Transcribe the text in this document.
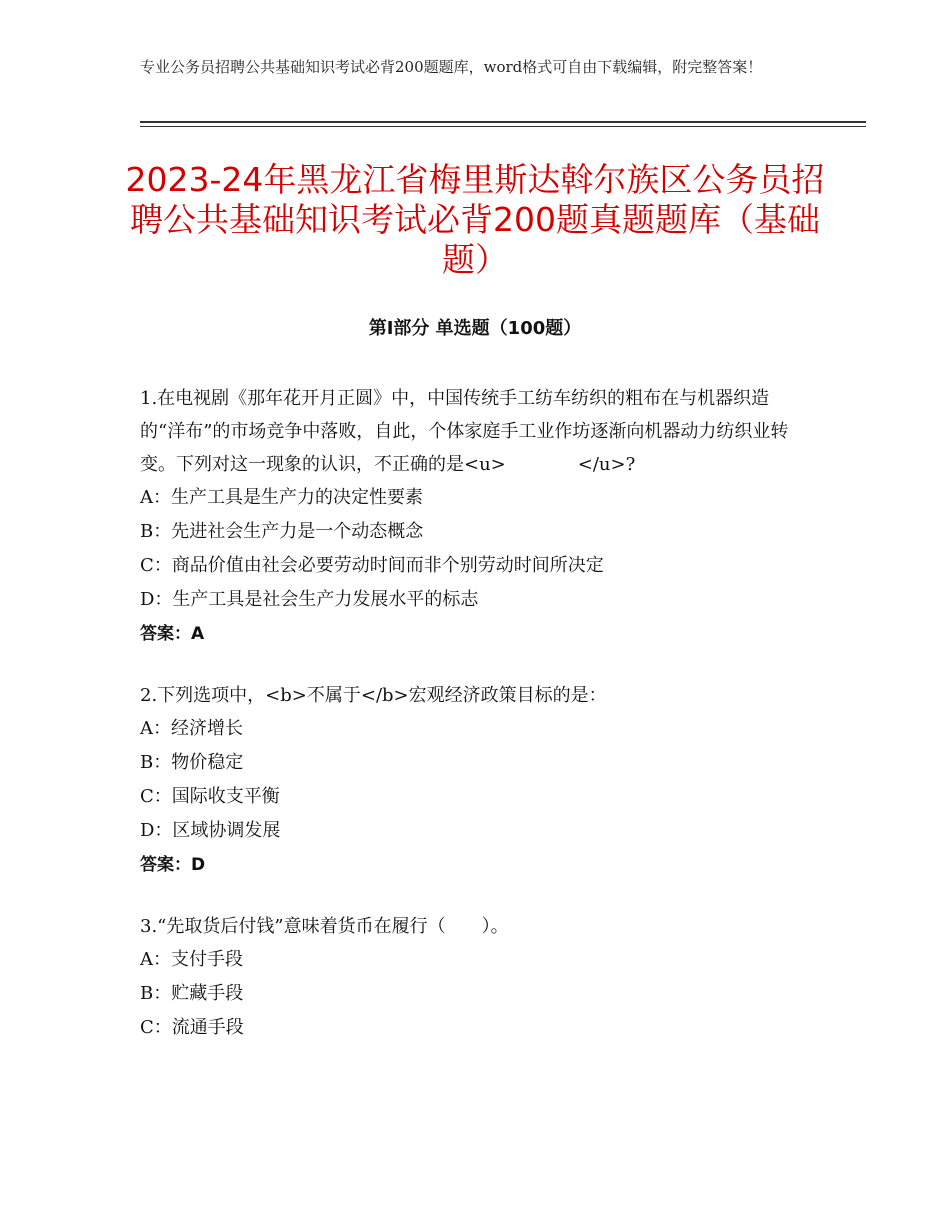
专业公务员招聘公共基础知识考试必背200题题库，word格式可自由下载编辑，附完整答案！
2023-24年黑龙江省梅里斯达斡尔族区公务员招聘公共基础知识考试必背200题真题题库（基础题）
第Ⅰ部分 单选题（100题）

1.在电视剧《那年花开月正圆》中，中国传统手工纺车纺织的粗布在与机器织造的“洋布”的市场竞争中落败，自此，个体家庭手工业作坊逐渐向机器动力纺织业转变。下列对这一现象的认识，不正确的是<u>　　　　</u>?

A：生产工具是生产力的决定性要素

B：先进社会生产力是一个动态概念

C：商品价值由社会必要劳动时间而非个别劳动时间所决定

D：生产工具是社会生产力发展水平的标志

答案：A

2.下列选项中，<b>不属于</b>宏观经济政策目标的是：

A：经济增长

B：物价稳定

C：国际收支平衡

D：区域协调发展

答案：D

3.“先取货后付钱”意味着货币在履行（　　）。

A：支付手段

B：贮藏手段

C：流通手段
